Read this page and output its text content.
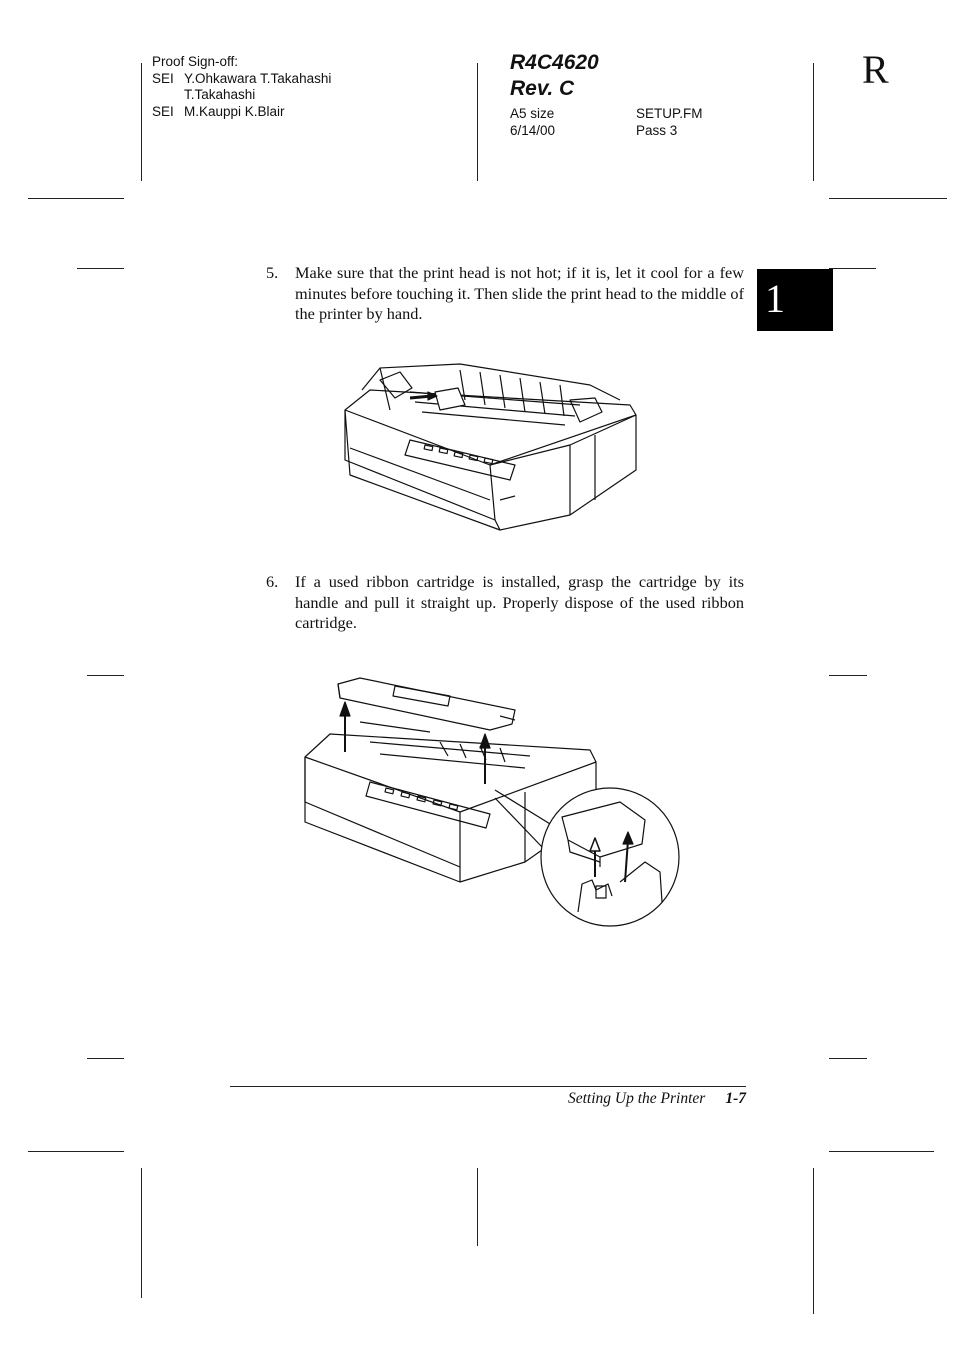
Proof Sign-off:
SEI Y.Ohkawara T.Takahashi
T.Takahashi
SEI M.Kauppi K.Blair
R4C4620
Rev. C
A5 size	SETUP.FM
6/14/00	Pass 3
R
1
5. Make sure that the print head is not hot; if it is, let it cool for a few minutes before touching it. Then slide the print head to the middle of the printer by hand.
6. If a used ribbon cartridge is installed, grasp the cartridge by its handle and pull it straight up. Properly dispose of the used ribbon cartridge.
Setting Up the Printer 1-7
